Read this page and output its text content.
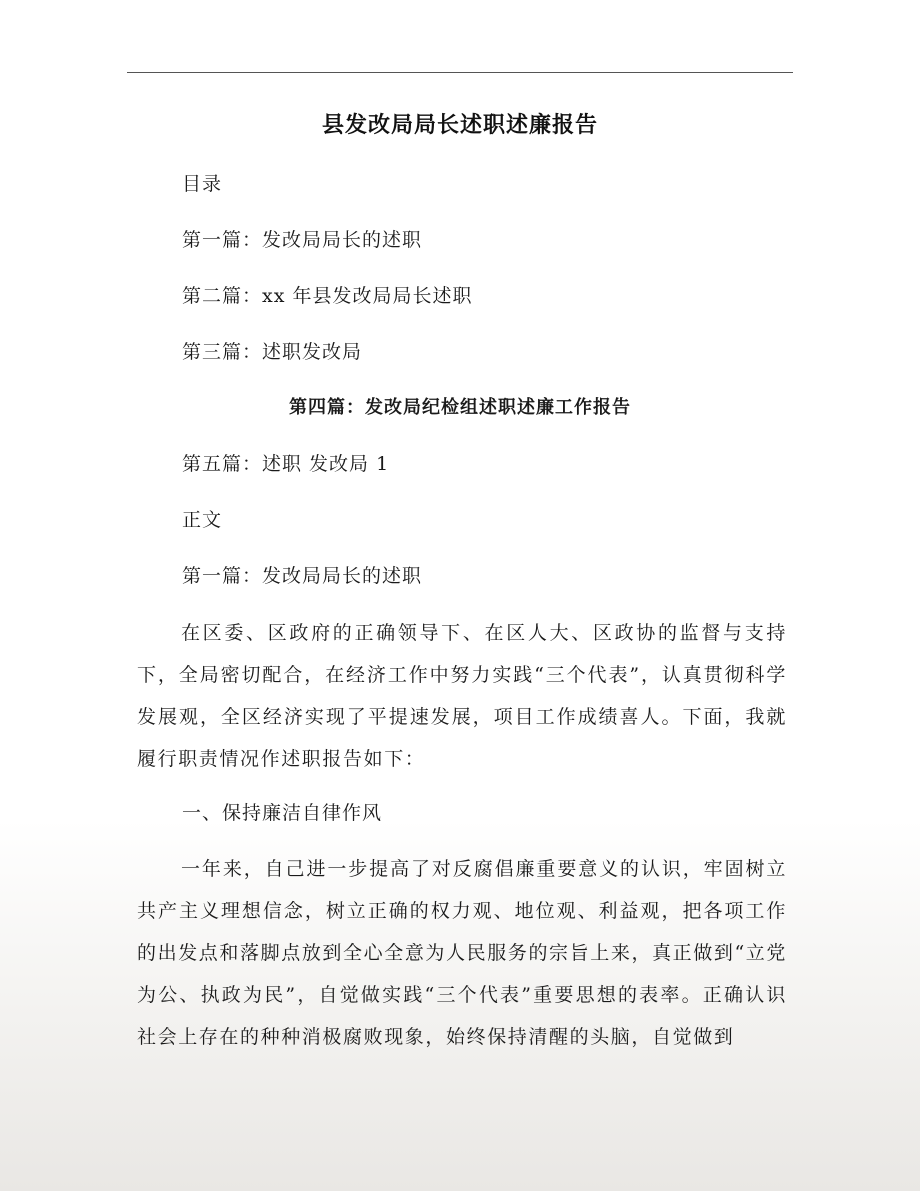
县发改局局长述职述廉报告
目录
第一篇：发改局局长的述职
第二篇：xx 年县发改局局长述职
第三篇：述职发改局
第四篇：发改局纪检组述职述廉工作报告
第五篇：述职 发改局 1
正文
第一篇：发改局局长的述职

在区委、区政府的正确领导下、在区人大、区政协的监督与支持下，全局密切配合，在经济工作中努力实践“三个代表”，认真贯彻科学发展观，全区经济实现了平提速发展，项目工作成绩喜人。下面，我就履行职责情况作述职报告如下：

一、保持廉洁自律作风

一年来，自己进一步提高了对反腐倡廉重要意义的认识，牢固树立共产主义理想信念，树立正确的权力观、地位观、利益观，把各项工作的出发点和落脚点放到全心全意为人民服务的宗旨上来，真正做到“立党为公、执政为民”，自觉做实践“三个代表”重要思想的表率。正确认识社会上存在的种种消极腐败现象，始终保持清醒的头脑，自觉做到
